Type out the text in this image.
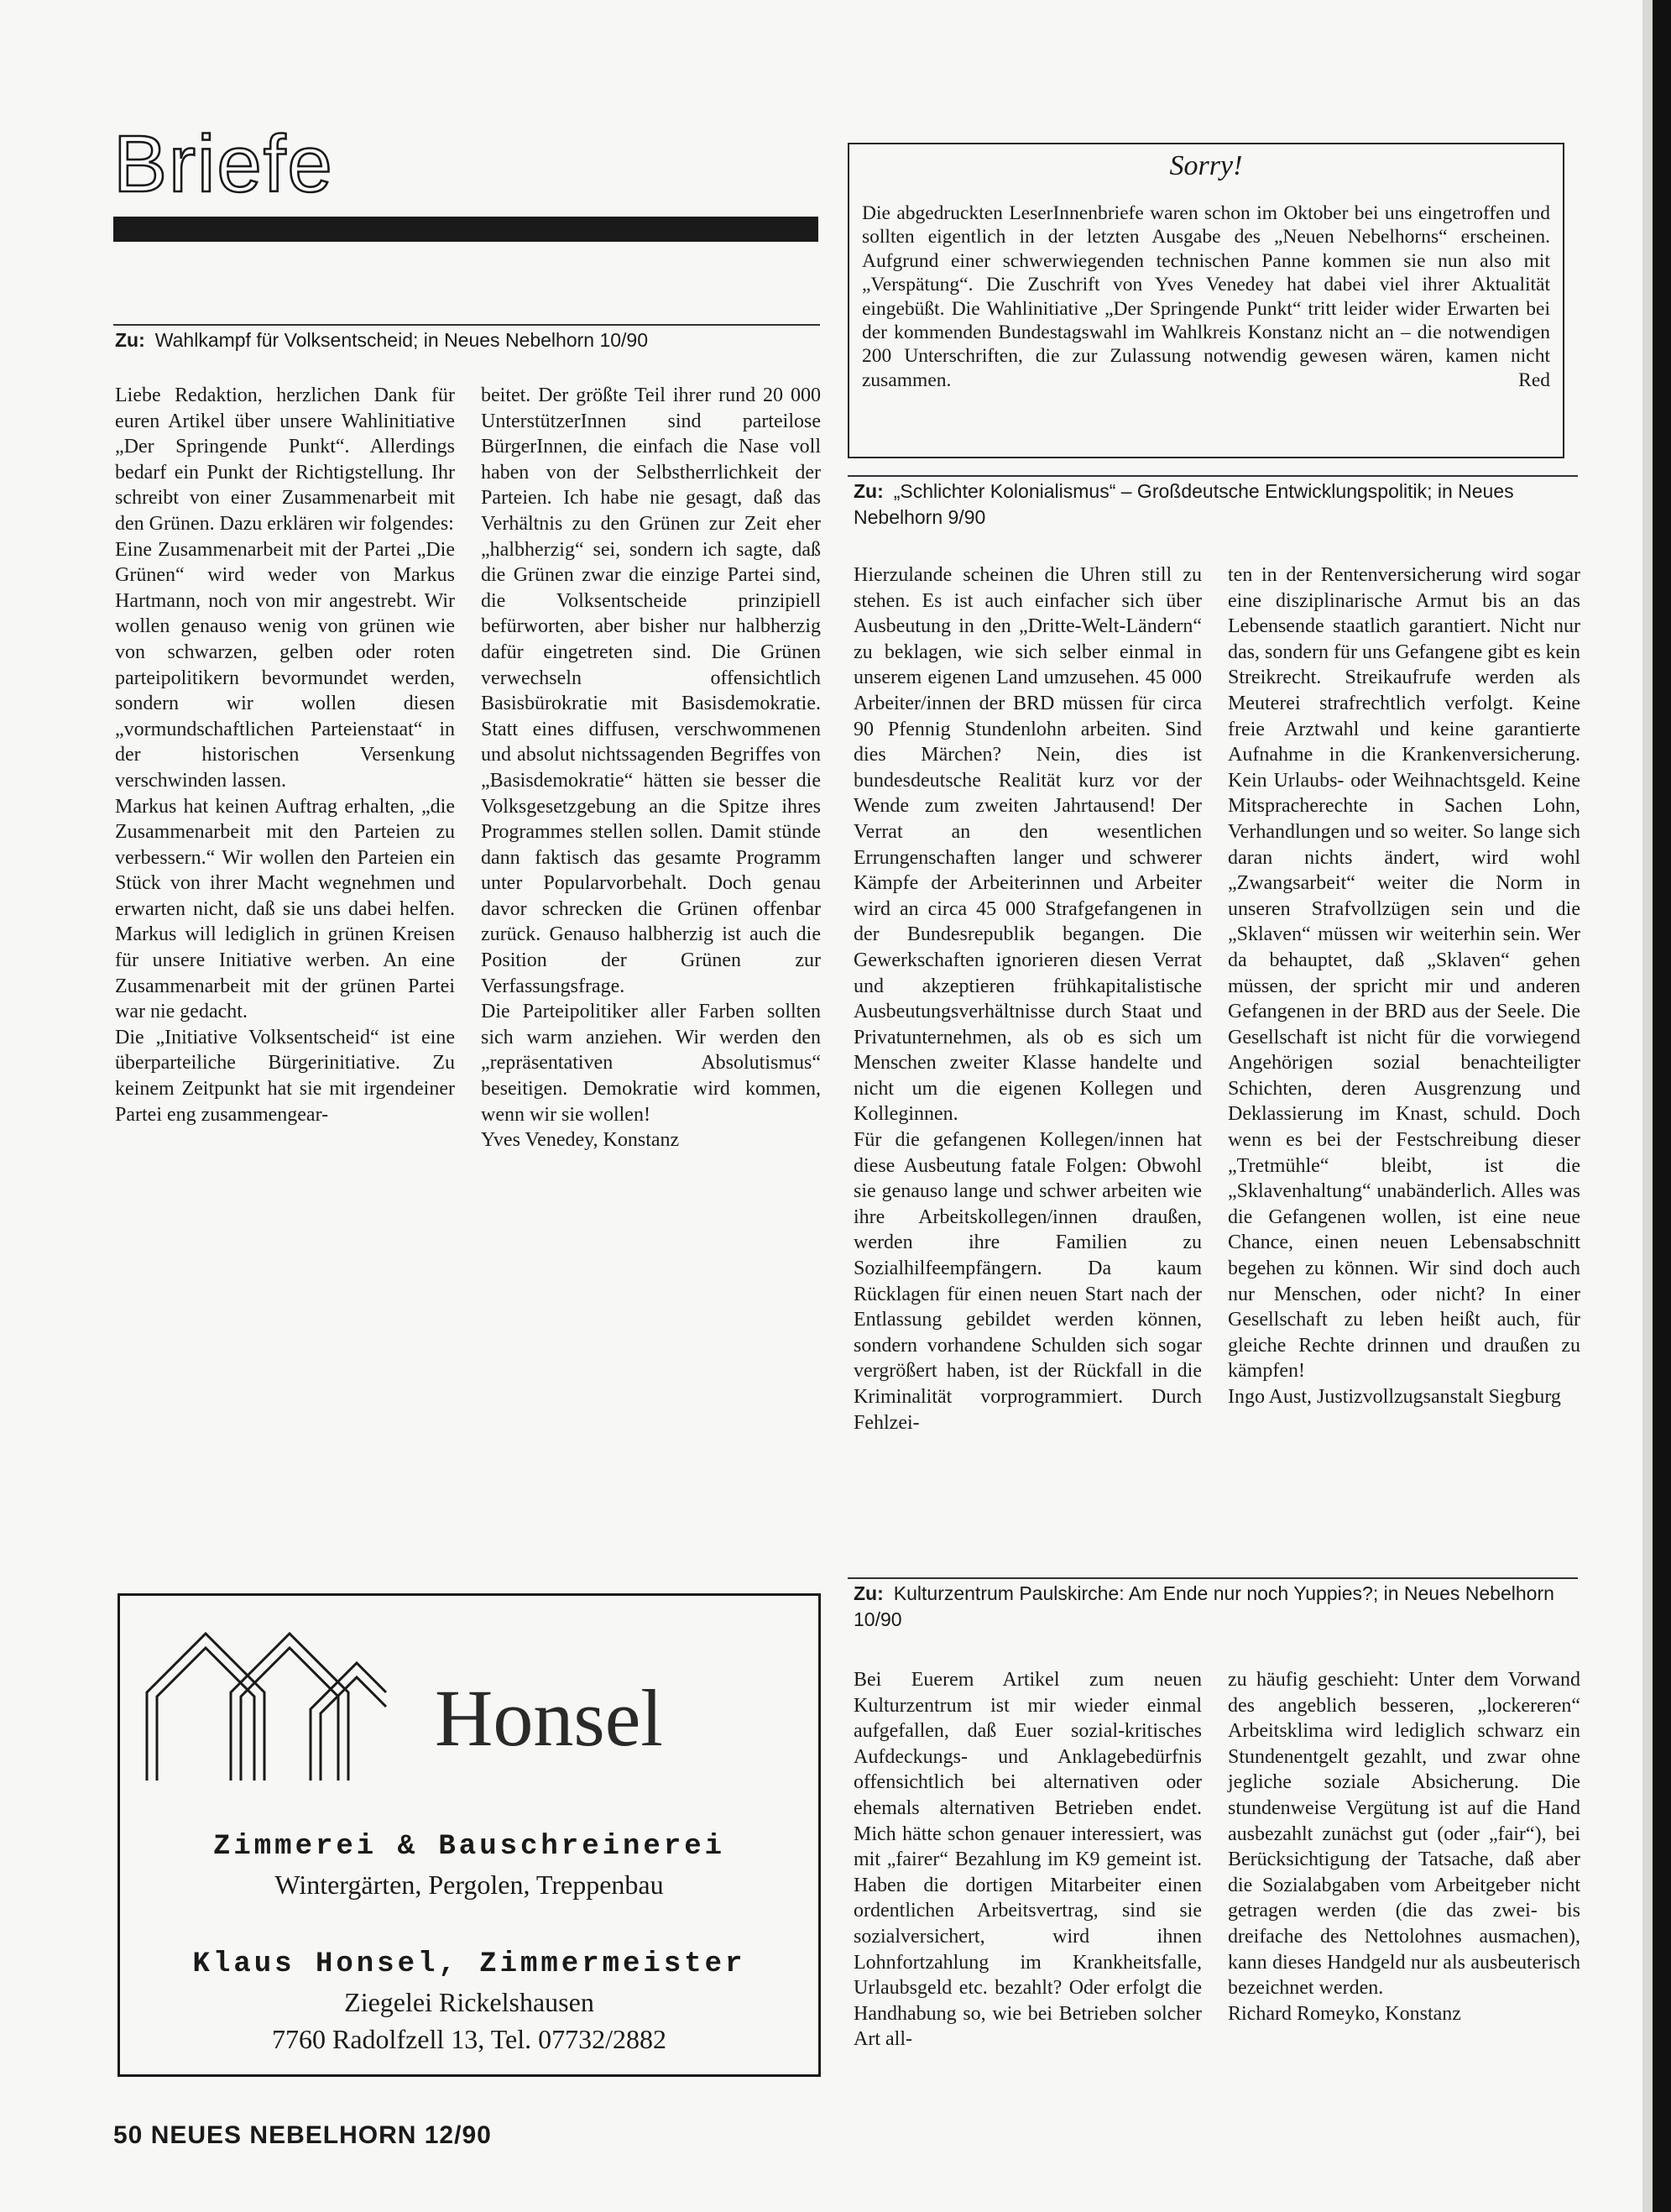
Briefe
Zu: Wahlkampf für Volksentscheid; in Neues Nebelhorn 10/90

Liebe Redaktion, herzlichen Dank für euren Artikel über unsere Wahlinitiative „Der Springende Punkt“. Allerdings bedarf ein Punkt der Richtigstellung. Ihr schreibt von einer Zusammenarbeit mit den Grünen. Dazu erklären wir folgendes:

Eine Zusammenarbeit mit der Partei „Die Grünen“ wird weder von Markus Hartmann, noch von mir angestrebt. Wir wollen genauso wenig von grünen wie von schwarzen, gelben oder roten parteipolitikern bevormundet werden, sondern wir wollen diesen „vormundschaftlichen Parteienstaat“ in der historischen Versenkung verschwinden lassen.

Markus hat keinen Auftrag erhalten, „die Zusammenarbeit mit den Parteien zu verbessern.“ Wir wollen den Parteien ein Stück von ihrer Macht wegnehmen und erwarten nicht, daß sie uns dabei helfen. Markus will lediglich in grünen Kreisen für unsere Initiative werben. An eine Zusammenarbeit mit der grünen Partei war nie gedacht.

Die „Initiative Volksentscheid“ ist eine überparteiliche Bürgerinitiative. Zu keinem Zeitpunkt hat sie mit irgendeiner Partei eng zusammengear-

beitet. Der größte Teil ihrer rund 20 000 UnterstützerInnen sind parteilose BürgerInnen, die einfach die Nase voll haben von der Selbstherrlichkeit der Parteien. Ich habe nie gesagt, daß das Verhältnis zu den Grünen zur Zeit eher „halbherzig“ sei, sondern ich sagte, daß die Grünen zwar die einzige Partei sind, die Volksentscheide prinzipiell befürworten, aber bisher nur halbherzig dafür eingetreten sind. Die Grünen verwechseln offensichtlich Basisbürokratie mit Basisdemokratie. Statt eines diffusen, verschwommenen und absolut nichtssagenden Begriffes von „Basisdemokratie“ hätten sie besser die Volksgesetzgebung an die Spitze ihres Programmes stellen sollen. Damit stünde dann faktisch das gesamte Programm unter Popularvorbehalt. Doch genau davor schrecken die Grünen offenbar zurück. Genauso halbherzig ist auch die Position der Grünen zur Verfassungsfrage.

Die Parteipolitiker aller Farben sollten sich warm anziehen. Wir werden den „repräsentativen Absolutismus“ beseitigen. Demokratie wird kommen, wenn wir sie wollen!

Yves Venedey, Konstanz

Sorry!
Die abgedruckten LeserInnenbriefe waren schon im Oktober bei uns eingetroffen und sollten eigentlich in der letzten Ausgabe des „Neuen Nebelhorns“ erscheinen. Aufgrund einer schwerwiegenden technischen Panne kommen sie nun also mit „Verspätung“. Die Zuschrift von Yves Venedey hat dabei viel ihrer Aktualität eingebüßt. Die Wahlinitiative „Der Springende Punkt“ tritt leider wider Erwarten bei der kommenden Bundestagswahl im Wahlkreis Konstanz nicht an – die notwendigen 200 Unterschriften, die zur Zulassung notwendig gewesen wären, kamen nicht zusammen.	Red
Zu: „Schlichter Kolonialismus“ – Großdeutsche Entwicklungspolitik; in Neues Nebelhorn 9/90

Hierzulande scheinen die Uhren still zu stehen. Es ist auch einfacher sich über Ausbeutung in den „Dritte-Welt-Ländern“ zu beklagen, wie sich selber einmal in unserem eigenen Land umzusehen. 45 000 Arbeiter/innen der BRD müssen für circa 90 Pfennig Stundenlohn arbeiten. Sind dies Märchen? Nein, dies ist bundesdeutsche Realität kurz vor der Wende zum zweiten Jahrtausend! Der Verrat an den wesentlichen Errungenschaften langer und schwerer Kämpfe der Arbeiterinnen und Arbeiter wird an circa 45 000 Strafgefangenen in der Bundesrepublik begangen. Die Gewerkschaften ignorieren diesen Verrat und akzeptieren frühkapitalistische Ausbeutungsverhältnisse durch Staat und Privatunternehmen, als ob es sich um Menschen zweiter Klasse handelte und nicht um die eigenen Kollegen und Kolleginnen.

Für die gefangenen Kollegen/innen hat diese Ausbeutung fatale Folgen: Obwohl sie genauso lange und schwer arbeiten wie ihre Arbeitskollegen/innen draußen, werden ihre Familien zu Sozialhilfeempfängern. Da kaum Rücklagen für einen neuen Start nach der Entlassung gebildet werden können, sondern vorhandene Schulden sich sogar vergrößert haben, ist der Rückfall in die Kriminalität vorprogrammiert. Durch Fehlzei-

ten in der Rentenversicherung wird sogar eine disziplinarische Armut bis an das Lebensende staatlich garantiert. Nicht nur das, sondern für uns Gefangene gibt es kein Streikrecht. Streikaufrufe werden als Meuterei strafrechtlich verfolgt. Keine freie Arztwahl und keine garantierte Aufnahme in die Krankenversicherung. Kein Urlaubs- oder Weihnachtsgeld. Keine Mitspracherechte in Sachen Lohn, Verhandlungen und so weiter. So lange sich daran nichts ändert, wird wohl „Zwangsarbeit“ weiter die Norm in unseren Strafvollzügen sein und die „Sklaven“ müssen wir weiterhin sein. Wer da behauptet, daß „Sklaven“ gehen müssen, der spricht mir und anderen Gefangenen in der BRD aus der Seele. Die Gesellschaft ist nicht für die vorwiegend Angehörigen sozial benachteiligter Schichten, deren Ausgrenzung und Deklassierung im Knast, schuld. Doch wenn es bei der Festschreibung dieser „Tretmühle“ bleibt, ist die „Sklavenhaltung“ unabänderlich. Alles was die Gefangenen wollen, ist eine neue Chance, einen neuen Lebensabschnitt begehen zu können. Wir sind doch auch nur Menschen, oder nicht? In einer Gesellschaft zu leben heißt auch, für gleiche Rechte drinnen und draußen zu kämpfen!

Ingo Aust, Justizvollzugsanstalt Siegburg

Zu: Kulturzentrum Paulskirche: Am Ende nur noch Yuppies?; in Neues Nebelhorn 10/90

Bei Euerem Artikel zum neuen Kulturzentrum ist mir wieder einmal aufgefallen, daß Euer sozial-kritisches Aufdeckungs- und Anklagebedürfnis offensichtlich bei alternativen oder ehemals alternativen Betrieben endet. Mich hätte schon genauer interessiert, was mit „fairer“ Bezahlung im K9 gemeint ist. Haben die dortigen Mitarbeiter einen ordentlichen Arbeitsvertrag, sind sie sozialversichert, wird ihnen Lohnfortzahlung im Krankheitsfalle, Urlaubsgeld etc. bezahlt? Oder erfolgt die Handhabung so, wie bei Betrieben solcher Art all-

zu häufig geschieht: Unter dem Vorwand des angeblich besseren, „lockereren“ Arbeitsklima wird lediglich schwarz ein Stundenentgelt gezahlt, und zwar ohne jegliche soziale Absicherung. Die stundenweise Vergütung ist auf die Hand ausbezahlt zunächst gut (oder „fair“), bei Berücksichtigung der Tatsache, daß aber die Sozialabgaben vom Arbeitgeber nicht getragen werden (die das zwei- bis dreifache des Nettolohnes ausmachen), kann dieses Handgeld nur als ausbeuterisch bezeichnet werden.

Richard Romeyko, Konstanz

Honsel
Zimmerei & Bauschreinerei
Wintergärten, Pergolen, Treppenbau
Klaus Honsel, Zimmermeister
Ziegelei Rickelshausen
7760 Radolfzell 13, Tel. 07732/2882
50 NEUES NEBELHORN 12/90
